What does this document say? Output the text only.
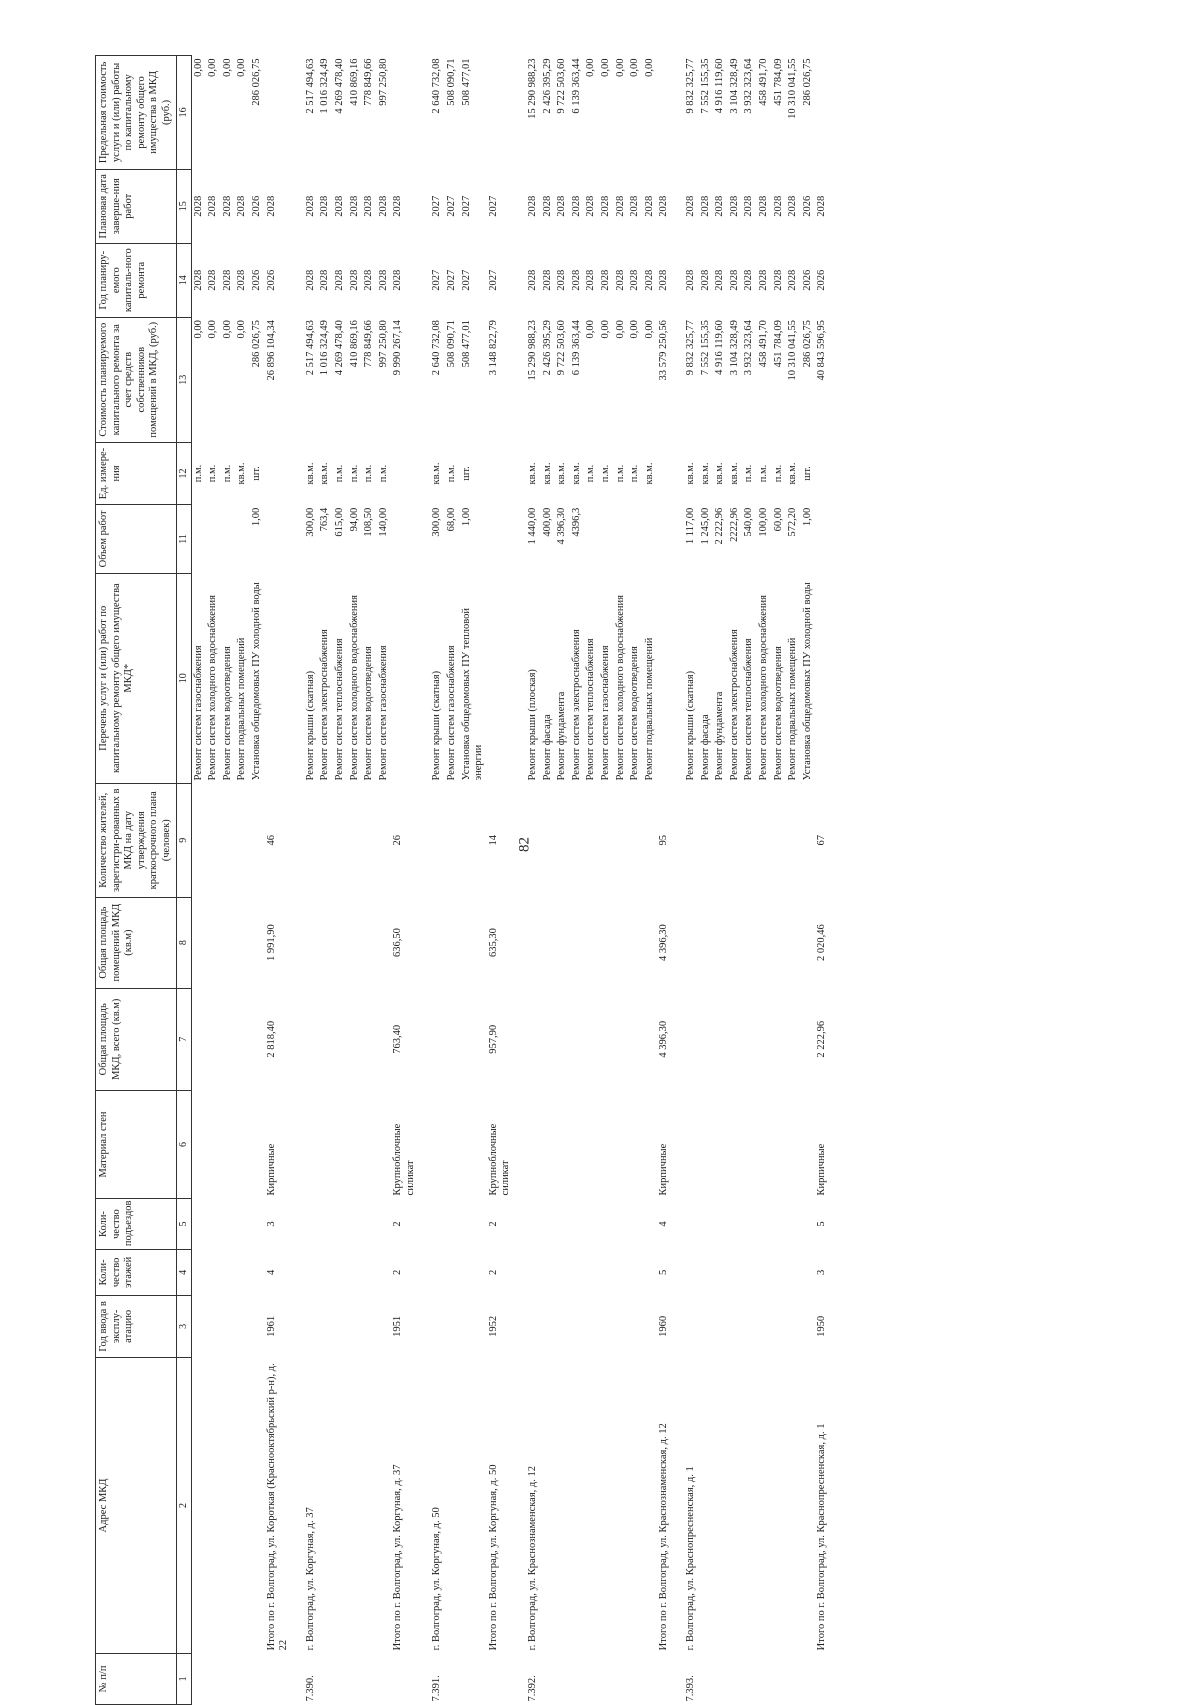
82
№ п/п	Адрес МКД	Год ввода в эксплу-атацию	Коли-чество этажей	Коли-чество подъездов	Материал стен	Общая площадь МКД, всего (кв.м)	Общая площадь помещений МКД (кв.м)	Количество жителей, зарегистри-рованных в МКД на дату утверждения краткосрочного плана (человек)	Перечень услуг и (или) работ по капитальному ремонту общего имущества МКД*	Объем работ	Ед. измере-ния	Стоимость планируемого капитального ремонта за счет средств собственников помещений в МКД, (руб.)	Год планиру-емого капиталь-ного ремонта	Плановая дата заверше-ния работ	Предельная стоимость услуги и (или) работы по капитальному ремонту общего имущества в МКД (руб.)
1	2	3	4	5	6	7	8	9	10	11	12	13	14	15	16
									Ремонт систем газоснабжения		п.м.	0,00	2028	2028	0,00
									Ремонт систем холодного водоснабжения		п.м.	0,00	2028	2028	0,00
									Ремонт систем водоотведения		п.м.	0,00	2028	2028	0,00
									Ремонт подвальных помещений		кв.м.	0,00	2028	2028	0,00
									Установка общедомовых ПУ холодной воды	1,00	шт.	286 026,75	2026	2026	286 026,75
	Итого по г. Волгоград, ул. Короткая (Краснооктябрьский р-н), д. 22	1961	4	3	Кирпичные	2 818,40	1 991,90	46				26 896 104,34	2026	2028	

7.390.	г. Волгоград, ул. Коргуная, д. 37								Ремонт крыши (скатная)	300,00	кв.м.	2 517 494,63	2028	2028	2 517 494,63
									Ремонт систем электроснабжения	763,4	кв.м.	1 016 324,49	2028	2028	1 016 324,49
									Ремонт систем теплоснабжения	615,00	п.м.	4 269 478,40	2028	2028	4 269 478,40
									Ремонт систем холодного водоснабжения	94,00	п.м.	410 869,16	2028	2028	410 869,16
									Ремонт систем водоотведения	108,50	п.м.	778 849,66	2028	2028	778 849,66
									Ремонт систем газоснабжения	140,00	п.м.	997 250,80	2028	2028	997 250,80
	Итого по г. Волгоград, ул. Коргуная, д. 37	1951	2	2	Крупноблочные силикат	763,40	636,50	26				9 990 267,14	2028	2028	

7.391.	г. Волгоград, ул. Коргуная, д. 50								Ремонт крыши (скатная)	300,00	кв.м.	2 640 732,08	2027	2027	2 640 732,08
									Ремонт систем газоснабжения	68,00	п.м.	508 090,71	2027	2027	508 090,71
									Установка общедомовых ПУ тепловой энергии	1,00	шт.	508 477,01	2027	2027	508 477,01
	Итого по г. Волгоград, ул. Коргуная, д. 50	1952	2	2	Крупноблочные силикат	957,90	635,30	14				3 148 822,79	2027	2027	

7.392.	г. Волгоград, ул. Краснознаменская, д. 12								Ремонт крыши (плоская)	1 440,00	кв.м.	15 290 988,23	2028	2028	15 290 988,23
									Ремонт фасада	400,00	кв.м.	2 426 395,29	2028	2028	2 426 395,29
									Ремонт фундамента	4 396,30	кв.м.	9 722 503,60	2028	2028	9 722 503,60
									Ремонт систем электроснабжения	4396,3	кв.м.	6 139 363,44	2028	2028	6 139 363,44
									Ремонт систем теплоснабжения		п.м.	0,00	2028	2028	0,00
									Ремонт систем газоснабжения		п.м.	0,00	2028	2028	0,00
									Ремонт систем холодного водоснабжения		п.м.	0,00	2028	2028	0,00
									Ремонт систем водоотведения		п.м.	0,00	2028	2028	0,00
									Ремонт подвальных помещений		кв.м.	0,00	2028	2028	0,00
	Итого по г. Волгоград, ул. Краснознаменская, д. 12	1960	5	4	Кирпичные	4 396,30	4 396,30	95				33 579 250,56	2028	2028	

7.393.	г. Волгоград, ул. Краснопресненская, д. 1								Ремонт крыши (скатная)	1 117,00	кв.м.	9 832 325,77	2028	2028	9 832 325,77
									Ремонт фасада	1 245,00	кв.м.	7 552 155,35	2028	2028	7 552 155,35
									Ремонт фундамента	2 222,96	кв.м.	4 916 119,60	2028	2028	4 916 119,60
									Ремонт систем электроснабжения	2222,96	кв.м.	3 104 328,49	2028	2028	3 104 328,49
									Ремонт систем теплоснабжения	540,00	п.м.	3 932 323,64	2028	2028	3 932 323,64
									Ремонт систем холодного водоснабжения	100,00	п.м.	458 491,70	2028	2028	458 491,70
									Ремонт систем водоотведения	60,00	п.м.	451 784,09	2028	2028	451 784,09
									Ремонт подвальных помещений	572,20	кв.м.	10 310 041,55	2028	2028	10 310 041,55
									Установка общедомовых ПУ холодной воды	1,00	шт.	286 026,75	2026	2026	286 026,75
	Итого по г. Волгоград, ул. Краснопресненская, д. 1	1950	3	5	Кирпичные	2 222,96	2 020,46	67				40 843 596,95	2026	2028	
